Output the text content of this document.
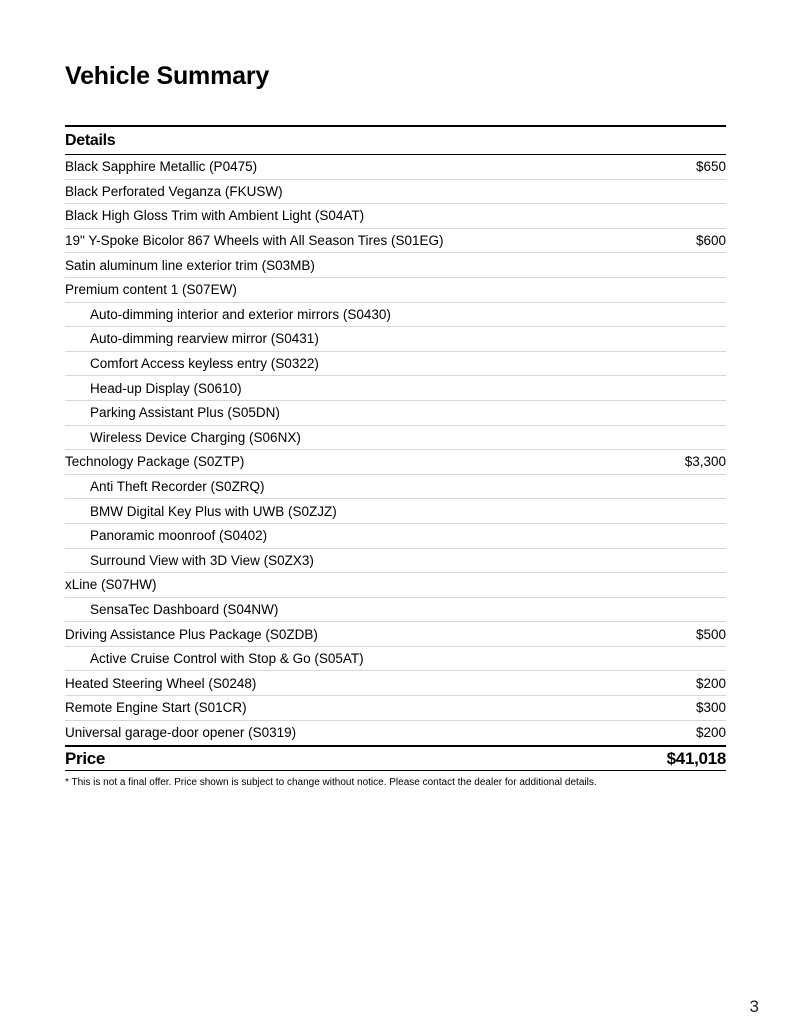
Vehicle Summary
Details
Black Sapphire Metallic (P0475)	$650
Black Perforated Veganza (FKUSW)
Black High Gloss Trim with Ambient Light (S04AT)
19" Y-Spoke Bicolor 867 Wheels with All Season Tires (S01EG)	$600
Satin aluminum line exterior trim (S03MB)
Premium content 1 (S07EW)
Auto-dimming interior and exterior mirrors (S0430)
Auto-dimming rearview mirror (S0431)
Comfort Access keyless entry (S0322)
Head-up Display (S0610)
Parking Assistant Plus (S05DN)
Wireless Device Charging (S06NX)
Technology Package (S0ZTP)	$3,300
Anti Theft Recorder (S0ZRQ)
BMW Digital Key Plus with UWB (S0ZJZ)
Panoramic moonroof (S0402)
Surround View with 3D View (S0ZX3)
xLine (S07HW)
SensaTec Dashboard (S04NW)
Driving Assistance Plus Package (S0ZDB)	$500
Active Cruise Control with Stop & Go (S05AT)
Heated Steering Wheel (S0248)	$200
Remote Engine Start (S01CR)	$300
Universal garage-door opener (S0319)	$200
Price	$41,018
* This is not a final offer. Price shown is subject to change without notice. Please contact the dealer for additional details.
3
